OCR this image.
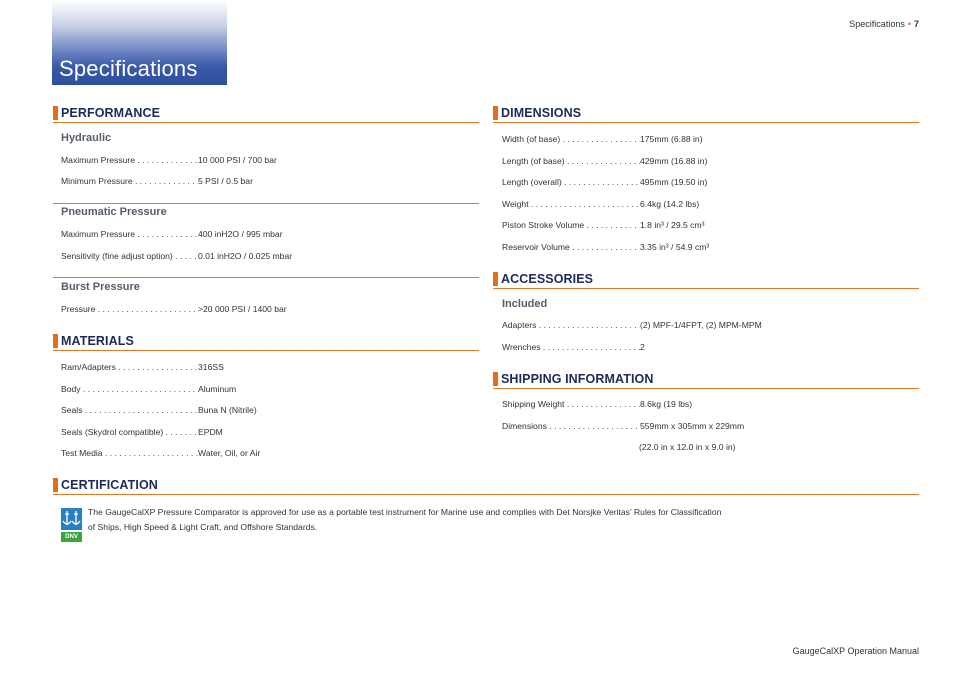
Specifications
Specifications • 7
PERFORMANCE
Hydraulic
Maximum Pressure . . .	10 000 PSI / 700 bar
Minimum Pressure . . .	5 PSI / 0.5 bar
Pneumatic Pressure
Maximum Pressure . . .	400 inH2O / 995 mbar
Sensitivity (fine adjust option) . . .	0.01 inH2O / 0.025 mbar
Burst Pressure
Pressure . . .	>20 000 PSI / 1400 bar
MATERIALS
Ram/Adapters . . .	316SS
Body . . .	Aluminum
Seals . . .	Buna N (Nitrile)
Seals (Skydrol compatible) . . .	EPDM
Test Media . . .	Water, Oil, or Air
DIMENSIONS
Width (of base) . . .	175mm (6.88 in)
Length (of base) . . .	429mm (16.88 in)
Length (overall) . . .	495mm (19.50 in)
Weight . . .	6.4kg (14.2 lbs)
Piston Stroke Volume . . .	1.8 in³ / 29.5 cm³
Reservoir Volume . . .	3.35 in³ / 54.9 cm³
ACCESSORIES
Included
Adapters . . .	(2) MPF-1/4FPT, (2) MPM-MPM
Wrenches . . .	2
SHIPPING INFORMATION
Shipping Weight . . .	8.6kg (19 lbs)
Dimensions . . .	559mm x 305mm x 229mm
(22.0 in x 12.0 in x 9.0 in)
CERTIFICATION
DNV
The GaugeCalXP Pressure Comparator is approved for use as a portable test instrument for Marine use and complies with Det Norsjke Veritas’ Rules for Classification of Ships, High Speed & Light Craft, and Offshore Standards.
GaugeCalXP Operation Manual
